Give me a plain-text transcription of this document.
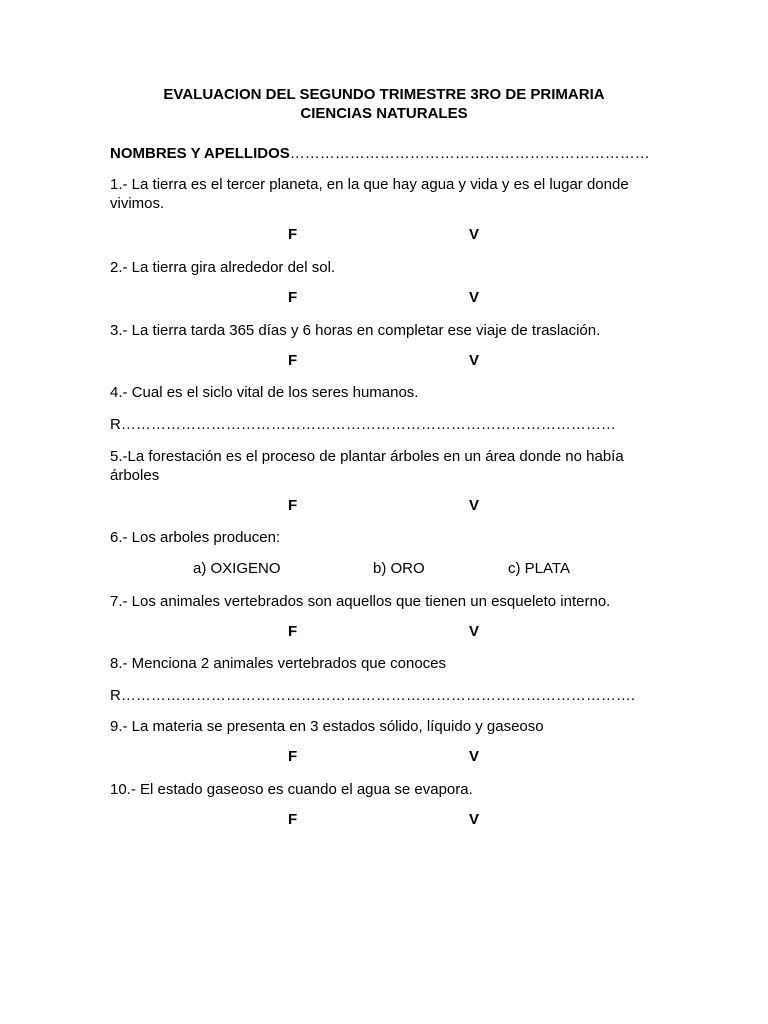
EVALUACION DEL SEGUNDO TRIMESTRE 3RO DE PRIMARIA
CIENCIAS NATURALES
NOMBRES Y APELLIDOS………………………………………………………………
1.- La tierra es el tercer planeta, en la que hay agua y vida y es el lugar donde vivimos.
F	V
2.- La tierra gira alrededor del sol.
F	V
3.- La tierra tarda 365 días y 6 horas en completar ese viaje de traslación.
F	V
4.- Cual es el siclo vital de los seres humanos.
R………………………………………………………………………………………
5.-La forestación es el proceso de plantar árboles en un área donde no había árboles
F	V
6.- Los arboles producen:
a) OXIGENO	b) ORO	c) PLATA
7.- Los animales vertebrados son aquellos que tienen un esqueleto interno.
F	V
8.- Menciona 2 animales vertebrados que conoces
R………………………………………………………………………………………….
9.- La materia se presenta en 3 estados sólido, líquido y gaseoso
F	V
10.- El estado gaseoso es cuando el agua se evapora.
F	V
